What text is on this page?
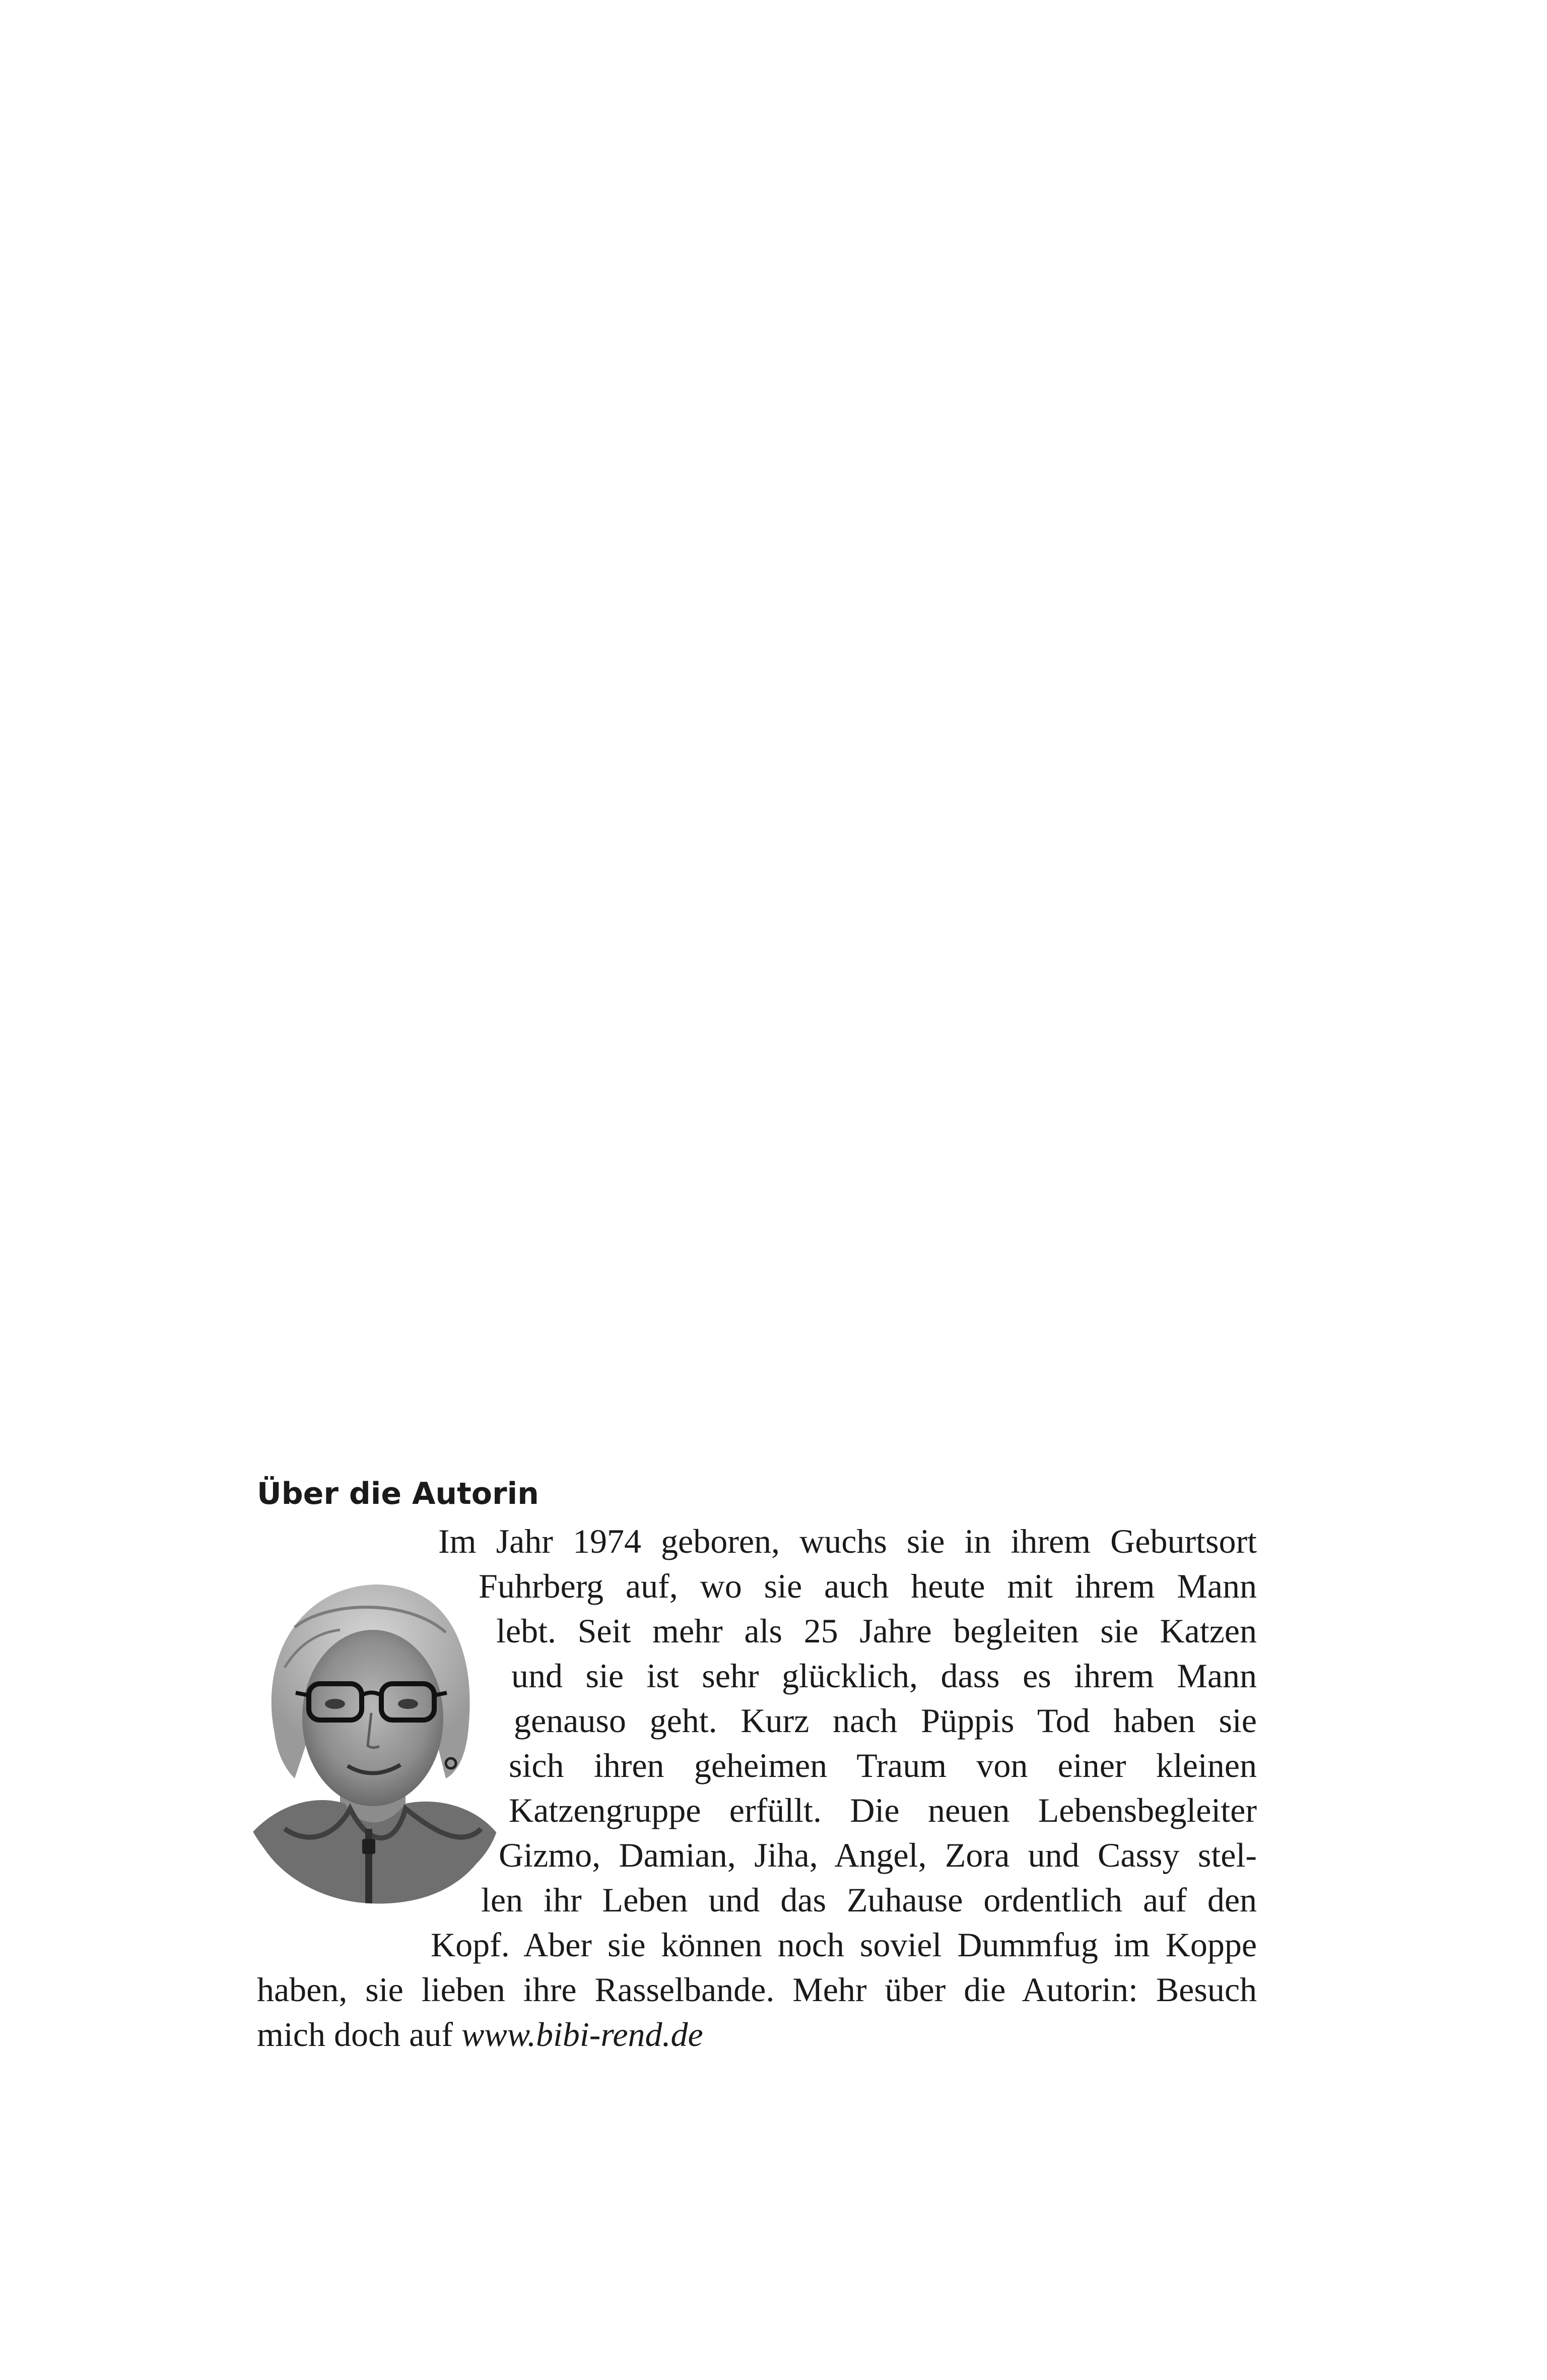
Über die Autorin
Im Jahr 1974 geboren, wuchs sie in ihrem Geburtsort
Fuhrberg auf, wo sie auch heute mit ihrem Mann
lebt. Seit mehr als 25 Jahre begleiten sie Katzen
und sie ist sehr glücklich, dass es ihrem Mann
genauso geht. Kurz nach Püppis Tod haben sie
sich ihren geheimen Traum von einer kleinen
Katzengruppe erfüllt. Die neuen Lebensbegleiter
Gizmo, Damian, Jiha, Angel, Zora und Cassy stel-
len ihr Leben und das Zuhause ordentlich auf den
Kopf. Aber sie können noch soviel Dummfug im Koppe
haben, sie lieben ihre Rasselbande. Mehr über die Autorin: Besuch
mich doch auf www.bibi-rend.de
